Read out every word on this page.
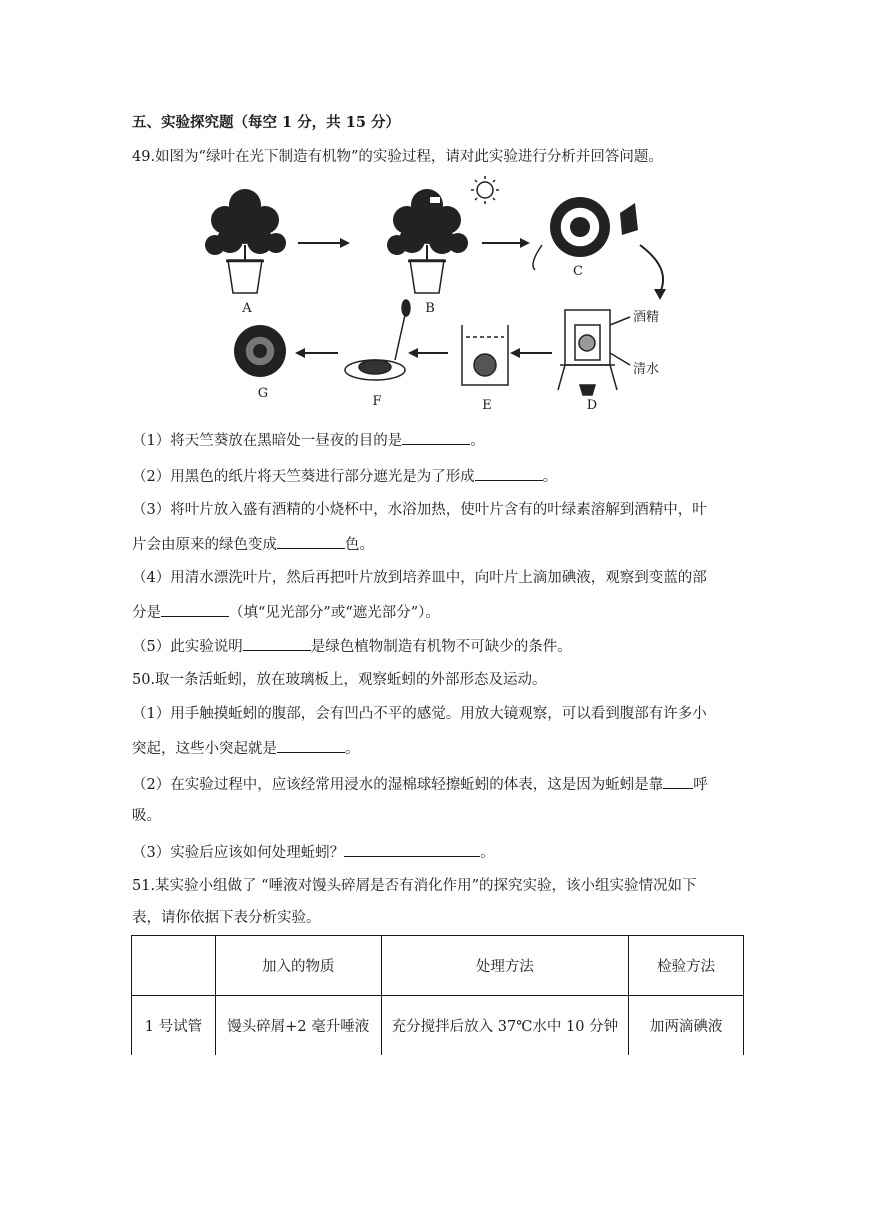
五、实验探究题（每空 1 分，共 15 分）
49.如图为“绿叶在光下制造有机物”的实验过程，请对此实验进行分析并回答问题。
A	B
C
酒精
清水
D
E
F
G
（1）将天竺葵放在黑暗处一昼夜的目的是	。
（2）用黑色的纸片将天竺葵进行部分遮光是为了形成	。
（3）将叶片放入盛有酒精的小烧杯中，水浴加热，使叶片含有的叶绿素溶解到酒精中，叶
片会由原来的绿色变成	色。
（4）用清水漂洗叶片，然后再把叶片放到培养皿中，向叶片上滴加碘液，观察到变蓝的部
分是	（填“见光部分”或“遮光部分”）。
（5）此实验说明	是绿色植物制造有机物不可缺少的条件。
50.取一条活蚯蚓，放在玻璃板上，观察蚯蚓的外部形态及运动。
（1）用手触摸蚯蚓的腹部，会有凹凸不平的感觉。用放大镜观察，可以看到腹部有许多小
突起，这些小突起就是	。
（2）在实验过程中，应该经常用浸水的湿棉球轻擦蚯蚓的体表，这是因为蚯蚓是靠 呼
吸。
（3）实验后应该如何处理蚯蚓？	。
51.某实验小组做了 “唾液对馒头碎屑是否有消化作用”的探究实验，该小组实验情况如下
表，请你依据下表分析实验。
	加入的物质	处理方法	检验方法
1 号试管	馒头碎屑+2 毫升唾液	充分搅拌后放入 37℃水中 10 分钟	加两滴碘液
